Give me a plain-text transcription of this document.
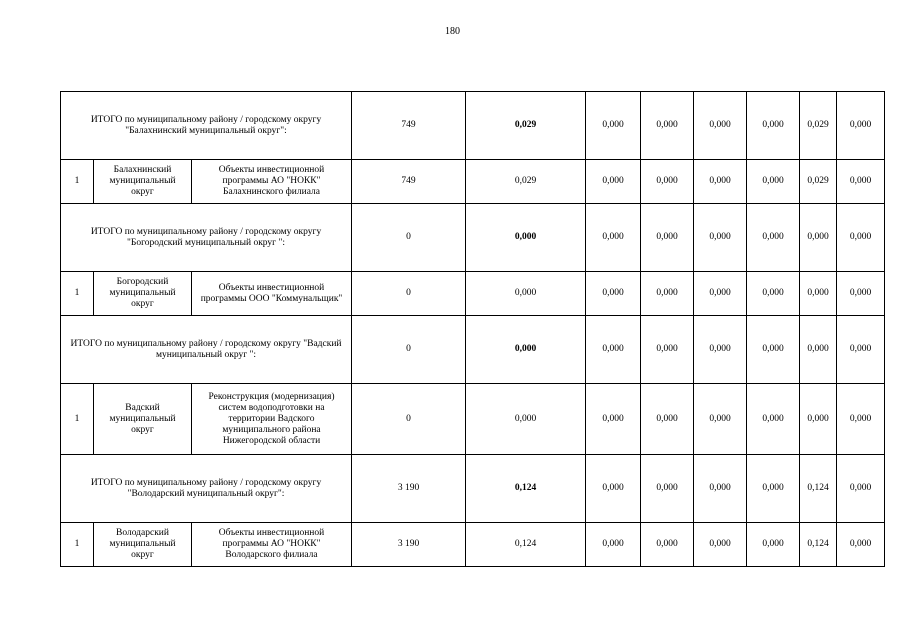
180
ИТОГО по муниципальному району / городскому округу "Балахнинский муниципальный округ":			749	0,029	0,000	0,000	0,000	0,000	0,029	0,000
1	Балахнинский муниципальный округ	Объекты инвестиционной программы АО "НОКК" Балахнинского филиала	749	0,029	0,000	0,000	0,000	0,000	0,029	0,000
ИТОГО по муниципальному району / городскому округу "Богородский муниципальный округ ":			0	0,000	0,000	0,000	0,000	0,000	0,000	0,000
1	Богородский муниципальный округ	Объекты инвестиционной программы ООО "Коммунальщик"	0	0,000	0,000	0,000	0,000	0,000	0,000	0,000
ИТОГО по муниципальному району / городскому округу "Вадский муниципальный округ ":			0	0,000	0,000	0,000	0,000	0,000	0,000	0,000
1	Вадский муниципальный округ	Реконструкция (модернизация) систем водоподготовки на территории Вадского муниципального района Нижегородской области	0	0,000	0,000	0,000	0,000	0,000	0,000	0,000
ИТОГО по муниципальному району / городскому округу "Володарский муниципальный округ":			3 190	0,124	0,000	0,000	0,000	0,000	0,124	0,000
1	Володарский муниципальный округ	Объекты инвестиционной программы АО "НОКК" Володарского филиала	3 190	0,124	0,000	0,000	0,000	0,000	0,124	0,000
